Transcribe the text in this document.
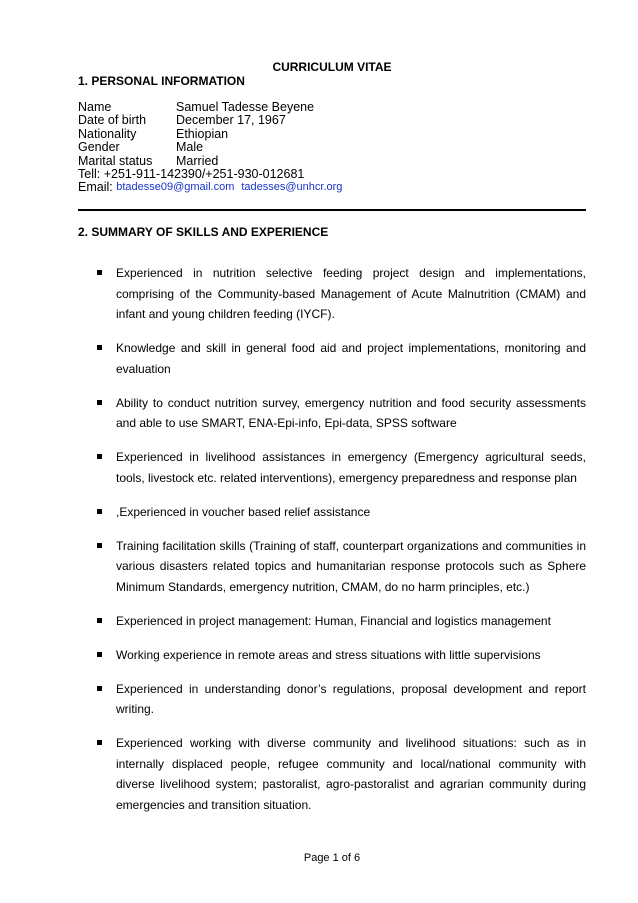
CURRICULUM VITAE
1. PERSONAL INFORMATION
Name	Samuel Tadesse Beyene
Date of birth	December 17, 1967
Nationality	Ethiopian
Gender	Male
Marital status	Married
Tell: +251-911-142390/+251-930-012681
Email:
btadesse09@gmail.com
tadesses@unhcr.org
2. SUMMARY OF SKILLS AND EXPERIENCE
Experienced in nutrition selective feeding project design and implementations, comprising of the Community-based Management of Acute Malnutrition (CMAM) and infant and young children feeding (IYCF).
Knowledge and skill in general food aid and project implementations, monitoring and evaluation
Ability to conduct nutrition survey, emergency nutrition and food security assessments and able to use SMART, ENA-Epi-info, Epi-data, SPSS software
Experienced in livelihood assistances in emergency (Emergency agricultural seeds, tools, livestock etc. related interventions), emergency preparedness and response plan
,Experienced in voucher based relief assistance
Training facilitation skills (Training of staff, counterpart organizations and communities in various disasters related topics and humanitarian response protocols such as Sphere Minimum Standards, emergency nutrition, CMAM, do no harm principles, etc.)
Experienced in project management: Human, Financial and logistics management
Working experience in remote areas and stress situations with little supervisions
Experienced in understanding donor’s regulations, proposal development and report writing.
Experienced working with diverse community and livelihood situations: such as in internally displaced people, refugee community and local/national community with diverse livelihood system; pastoralist, agro-pastoralist and agrarian community during emergencies and transition situation.
Page 1 of 6
